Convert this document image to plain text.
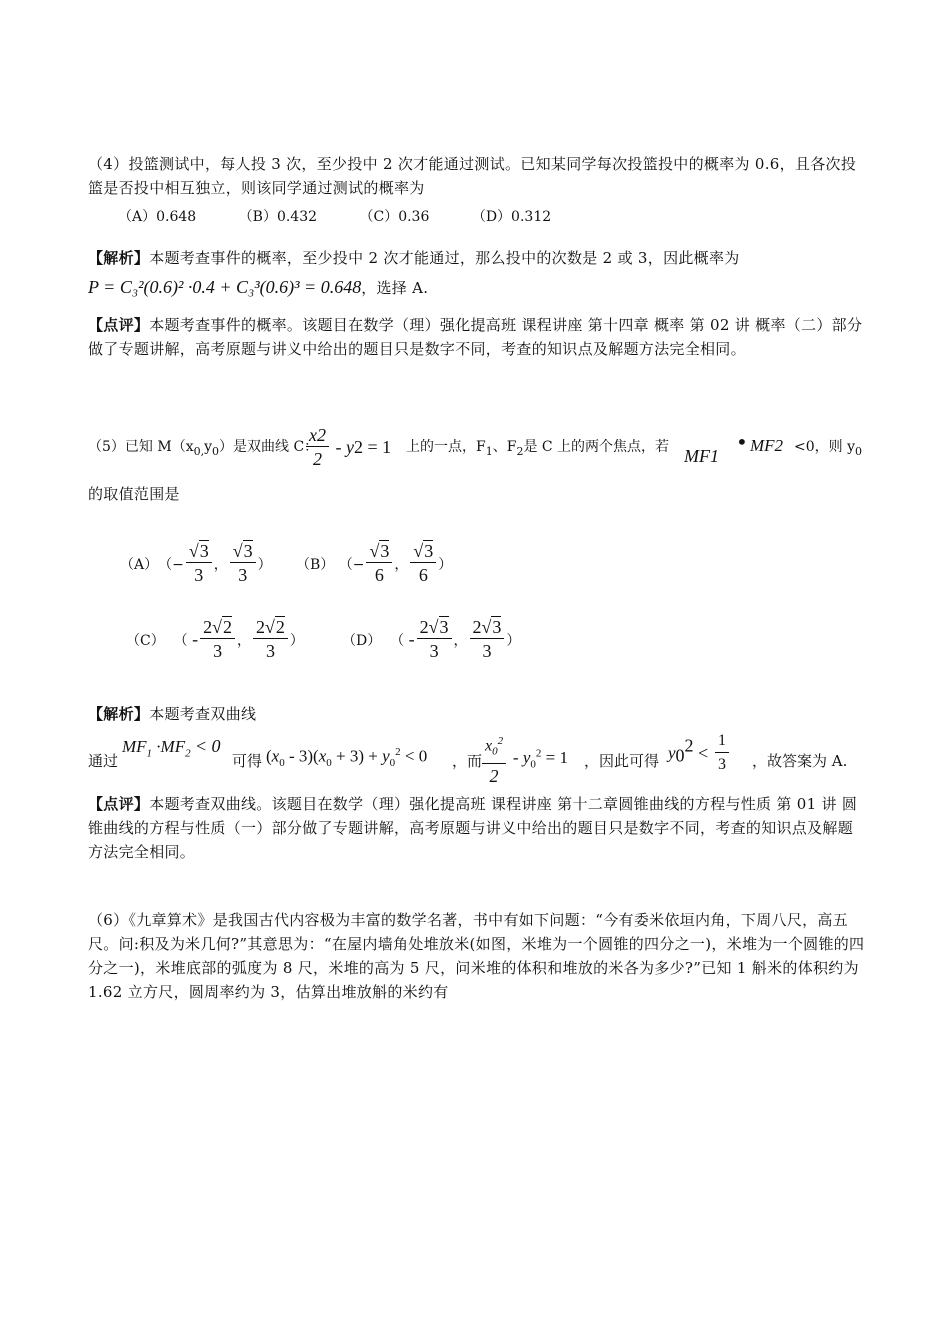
（4）投篮测试中，每人投 3 次，至少投中 2 次才能通过测试。已知某同学每次投篮投中的概率为 0.6，且各次投篮是否投中相互独立，则该同学通过测试的概率为

（A）0.648	（B）0.432	（C）0.36	（D）0.312

【解析】本题考查事件的概率，至少投中 2 次才能通过，那么投中的次数是 2 或 3，因此概率为

P = C₃²(0.6)² ·0.4 + C₃³(0.6)³ = 0.648，选择 A.

【点评】本题考查事件的概率。该题目在数学（理）强化提高班 课程讲座 第十四章 概率 第 02 讲 概率（二）部分做了专题讲解，高考原题与讲义中给出的题目只是数字不同，考查的知识点及解题方法完全相同。

（5）已知 $M(x_{0,}y_0)$是双曲线 C：
$\frac{x2}{2} - y2 = 1$ 上的一点，$F_1$、$F_2$是 C 上的两个焦点，若 MF1
• MF2 <0，则 $y_0$

的取值范围是

（A） （− $\frac{√3}{3}$ ， $\frac{√3}{3}$ ） （B） （− $\frac{√3}{6}$ ， $\frac{√3}{6}$ ）
（C） （ - $\frac{2√2}{3}$ ， $\frac{2√2}{3}$ ）	（D） （ - $\frac{2√3}{3}$ ， $\frac{2√3}{3}$ ）

【解析】本题考查双曲线

通过
$MF_1 \cdot MF_2 < 0$
可得 $(x_0 - 3)(x_0 + 3) + y_0^2 < 0$ ，而 $\frac{x_0^2}{2} - y_0^2 = 1$ ，因此可得 $y_0^2 < \frac{1}{3}$ ，故答案为 A.

【点评】本题考查双曲线。该题目在数学（理）强化提高班 课程讲座 第十二章圆锥曲线的方程与性质 第 01 讲 圆锥曲线的方程与性质（一）部分做了专题讲解，高考原题与讲义中给出的题目只是数字不同，考查的知识点及解题方法完全相同。

（6）《九章算术》是我国古代内容极为丰富的数学名著，书中有如下问题：“今有委米依垣内角，下周八尺，高五尺。问:积及为米几何?”其意思为：“在屋内墙角处堆放米(如图，米堆为一个圆锥的四分之一)，米堆为一个圆锥的四分之一)，米堆底部的弧度为 8 尺，米堆的高为 5 尺，问米堆的体积和堆放的米各为多少?”已知 1 斛米的体积约为 1.62 立方尺，圆周率约为 3，估算出堆放斛的米约有
